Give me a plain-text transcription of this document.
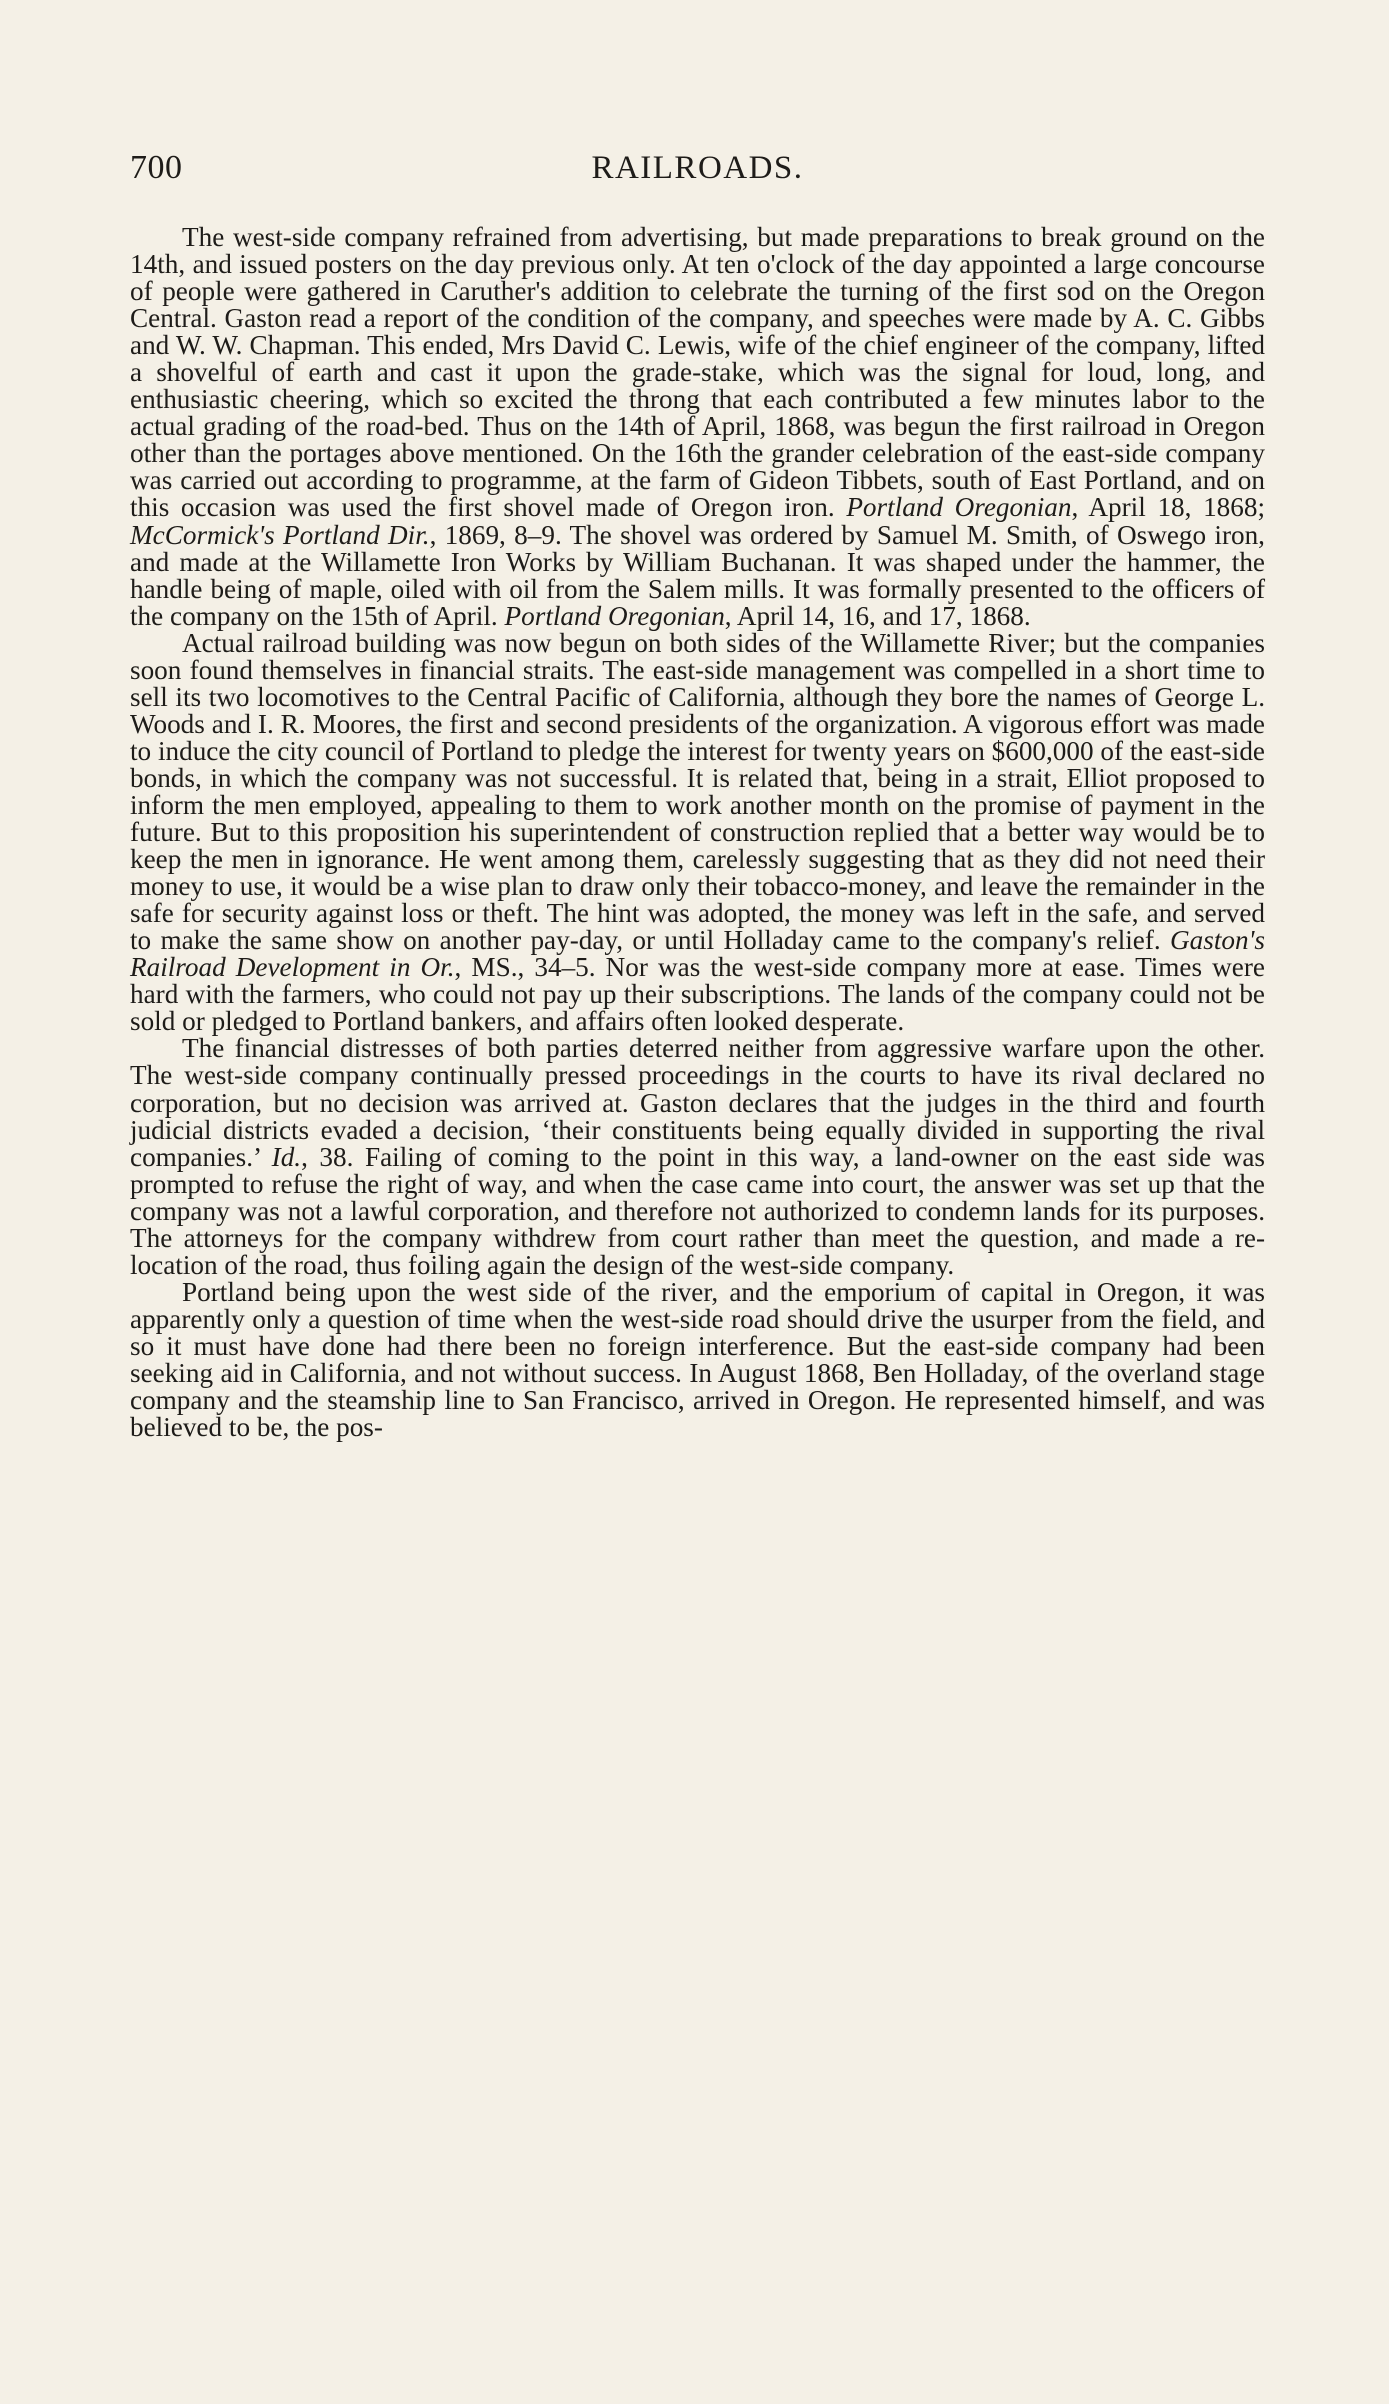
700	RAILROADS.

The west-side company refrained from advertising, but made preparations to break ground on the 14th, and issued posters on the day previous only. At ten o'clock of the day appointed a large concourse of people were gathered in Caruther's addition to celebrate the turning of the first sod on the Oregon Central. Gaston read a report of the condition of the company, and speeches were made by A. C. Gibbs and W. W. Chapman. This ended, Mrs David C. Lewis, wife of the chief engineer of the company, lifted a shovelful of earth and cast it upon the grade-stake, which was the signal for loud, long, and enthusiastic cheering, which so excited the throng that each contributed a few minutes labor to the actual grading of the road-bed. Thus on the 14th of April, 1868, was begun the first railroad in Oregon other than the portages above mentioned. On the 16th the grander celebration of the east-side company was carried out according to programme, at the farm of Gideon Tibbets, south of East Portland, and on this occasion was used the first shovel made of Oregon iron. Portland Oregonian, April 18, 1868; McCormick's Portland Dir., 1869, 8–9. The shovel was ordered by Samuel M. Smith, of Oswego iron, and made at the Willamette Iron Works by William Buchanan. It was shaped under the hammer, the handle being of maple, oiled with oil from the Salem mills. It was formally presented to the officers of the company on the 15th of April. Portland Oregonian, April 14, 16, and 17, 1868.

Actual railroad building was now begun on both sides of the Willamette River; but the companies soon found themselves in financial straits. The east-side management was compelled in a short time to sell its two locomotives to the Central Pacific of California, although they bore the names of George L. Woods and I. R. Moores, the first and second presidents of the organization. A vigorous effort was made to induce the city council of Portland to pledge the interest for twenty years on $600,000 of the east-side bonds, in which the company was not successful. It is related that, being in a strait, Elliot proposed to inform the men employed, appealing to them to work another month on the promise of payment in the future. But to this proposition his superintendent of construction replied that a better way would be to keep the men in ignorance. He went among them, carelessly suggesting that as they did not need their money to use, it would be a wise plan to draw only their tobacco-money, and leave the remainder in the safe for security against loss or theft. The hint was adopted, the money was left in the safe, and served to make the same show on another pay-day, or until Holladay came to the company's relief. Gaston's Railroad Development in Or., MS., 34–5. Nor was the west-side company more at ease. Times were hard with the farmers, who could not pay up their subscriptions. The lands of the company could not be sold or pledged to Portland bankers, and affairs often looked desperate.

The financial distresses of both parties deterred neither from aggressive warfare upon the other. The west-side company continually pressed proceedings in the courts to have its rival declared no corporation, but no decision was arrived at. Gaston declares that the judges in the third and fourth judicial districts evaded a decision, ‘their constituents being equally divided in supporting the rival companies.’ Id., 38. Failing of coming to the point in this way, a land-owner on the east side was prompted to refuse the right of way, and when the case came into court, the answer was set up that the company was not a lawful corporation, and therefore not authorized to condemn lands for its purposes. The attorneys for the company withdrew from court rather than meet the question, and made a re-location of the road, thus foiling again the design of the west-side company.

Portland being upon the west side of the river, and the emporium of capital in Oregon, it was apparently only a question of time when the west-side road should drive the usurper from the field, and so it must have done had there been no foreign interference. But the east-side company had been seeking aid in California, and not without success. In August 1868, Ben Holladay, of the overland stage company and the steamship line to San Francisco, arrived in Oregon. He represented himself, and was believed to be, the pos-
